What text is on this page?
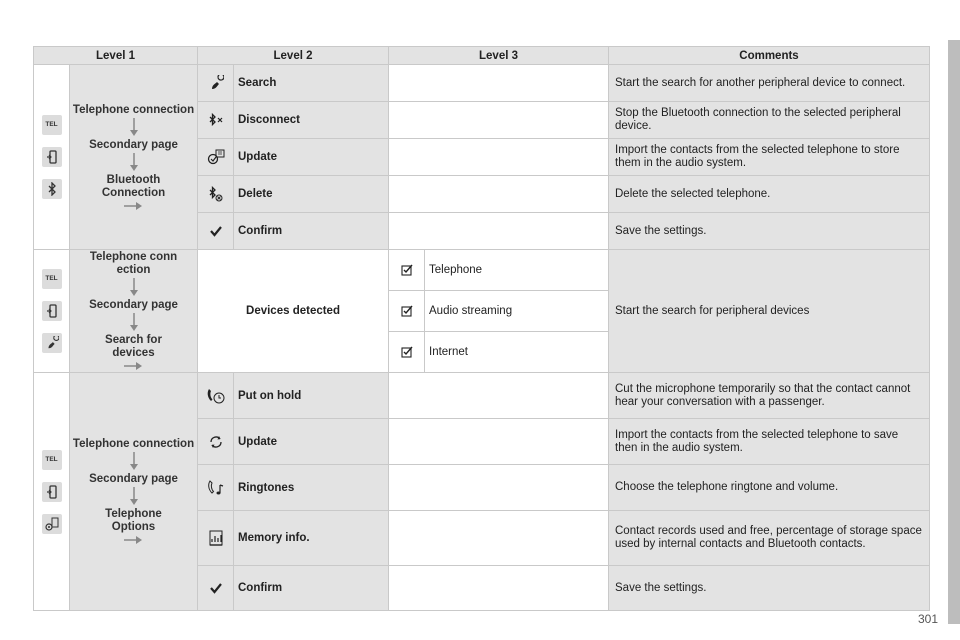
Level 1		Level 2		Level 3		Comments

TEL	Telephone connection
Secondary page
Bluetooth Connection		Search			Start the search for another peripheral device to connect.
	Disconnect			Stop the Bluetooth connection to the selected peripheral device.
	Update			Import the contacts from the selected telephone to store them in the audio system.
	Delete			Delete the selected telephone.
	Confirm			Save the settings.

TEL	Telephone conn ection
Secondary page
Search for devices	Devices detected			Telephone	Start the search for peripheral devices
	Audio streaming	
	Internet	

TEL	Telephone connection
Secondary page
Telephone Options		Put on hold			Cut the microphone temporarily so that the contact cannot hear your conversation with a passenger.
	Update			Import the contacts from the selected telephone to save then in the audio system.
	Ringtones			Choose the telephone ringtone and volume.
	Memory info.			Contact records used and free, percentage of storage space used by internal contacts and Bluetooth contacts.
	Confirm			Save the settings.
301
